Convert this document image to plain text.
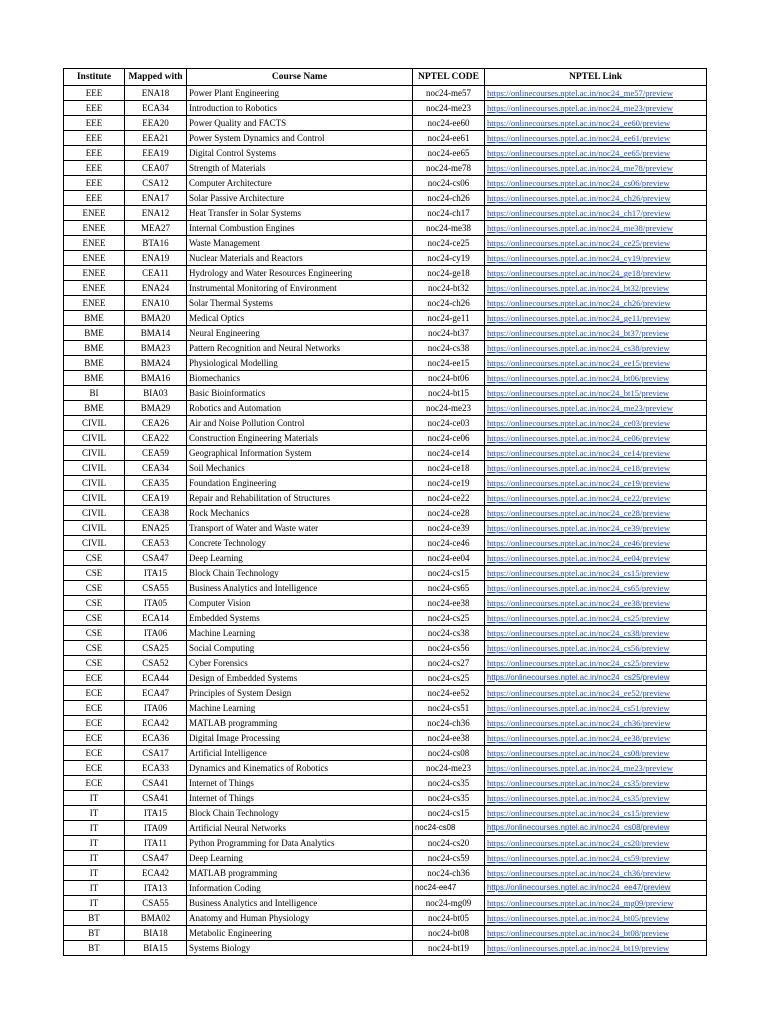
Institute	Mapped with	Course Name	NPTEL CODE	NPTEL Link
EEE	ENA18	Power Plant Engineering	noc24-me57	https://onlinecourses.nptel.ac.in/noc24_me57/preview
EEE	ECA34	Introduction to Robotics	noc24-me23	https://onlinecourses.nptel.ac.in/noc24_me23/preview
EEE	EEA20	Power Quality and FACTS	noc24-ee60	https://onlinecourses.nptel.ac.in/noc24_ee60/preview
EEE	EEA21	Power System Dynamics and Control	noc24-ee61	https://onlinecourses.nptel.ac.in/noc24_ee61/preview
EEE	EEA19	Digital Control Systems	noc24-ee65	https://onlinecourses.nptel.ac.in/noc24_ee65/preview
EEE	CEA07	Strength of Materials	noc24-me78	https://onlinecourses.nptel.ac.in/noc24_me78/preview
EEE	CSA12	Computer Architecture	noc24-cs06	https://onlinecourses.nptel.ac.in/noc24_cs06/preview
EEE	ENA17	Solar Passive Architecture	noc24-ch26	https://onlinecourses.nptel.ac.in/noc24_ch26/preview
ENEE	ENA12	Heat Transfer in Solar Systems	noc24-ch17	https://onlinecourses.nptel.ac.in/noc24_ch17/preview
ENEE	MEA27	Internal Combustion Engines	noc24-me38	https://onlinecourses.nptel.ac.in/noc24_me38/preview
ENEE	BTA16	Waste Management	noc24-ce25	https://onlinecourses.nptel.ac.in/noc24_ce25/preview
ENEE	ENA19	Nuclear Materials and Reactors	noc24-cy19	https://onlinecourses.nptel.ac.in/noc24_cy19/preview
ENEE	CEA11	Hydrology and Water Resources Engineering	noc24-ge18	https://onlinecourses.nptel.ac.in/noc24_ge18/preview
ENEE	ENA24	Instrumental Monitoring of Environment	noc24-bt32	https://onlinecourses.nptel.ac.in/noc24_bt32/preview
ENEE	ENA10	Solar Thermal Systems	noc24-ch26	https://onlinecourses.nptel.ac.in/noc24_ch26/preview
BME	BMA20	Medical Optics	noc24-ge11	https://onlinecourses.nptel.ac.in/noc24_ge11/preview
BME	BMA14	Neural Engineering	noc24-bt37	https://onlinecourses.nptel.ac.in/noc24_bt37/preview
BME	BMA23	Pattern Recognition and Neural Networks	noc24-cs38	https://onlinecourses.nptel.ac.in/noc24_cs38/preview
BME	BMA24	Physiological Modelling	noc24-ee15	https://onlinecourses.nptel.ac.in/noc24_ee15/preview
BME	BMA16	Biomechanics	noc24-bt06	https://onlinecourses.nptel.ac.in/noc24_bt06/preview
BI	BIA03	Basic Bioinformatics	noc24-bt15	https://onlinecourses.nptel.ac.in/noc24_bt15/preview
BME	BMA29	Robotics and Automation	noc24-me23	https://onlinecourses.nptel.ac.in/noc24_me23/preview
CIVIL	CEA26	Air and Noise Pollution Control	noc24-ce03	https://onlinecourses.nptel.ac.in/noc24_ce03/preview
CIVIL	CEA22	Construction Engineering Materials	noc24-ce06	https://onlinecourses.nptel.ac.in/noc24_ce06/preview
CIVIL	CEA59	Geographical Information System	noc24-ce14	https://onlinecourses.nptel.ac.in/noc24_ce14/preview
CIVIL	CEA34	Soil Mechanics	noc24-ce18	https://onlinecourses.nptel.ac.in/noc24_ce18/preview
CIVIL	CEA35	Foundation Engineering	noc24-ce19	https://onlinecourses.nptel.ac.in/noc24_ce19/preview
CIVIL	CEA19	Repair and Rehabilitation of Structures	noc24-ce22	https://onlinecourses.nptel.ac.in/noc24_ce22/preview
CIVIL	CEA38	Rock Mechanics	noc24-ce28	https://onlinecourses.nptel.ac.in/noc24_ce28/preview
CIVIL	ENA25	Transport of Water and Waste water	noc24-ce39	https://onlinecourses.nptel.ac.in/noc24_ce39/preview
CIVIL	CEA53	Concrete Technology	noc24-ce46	https://onlinecourses.nptel.ac.in/noc24_ce46/preview
CSE	CSA47	Deep Learning	noc24-ee04	https://onlinecourses.nptel.ac.in/noc24_ee04/preview
CSE	ITA15	Block Chain Technology	noc24-cs15	https://onlinecourses.nptel.ac.in/noc24_cs15/preview
CSE	CSA55	Business Analytics and Intelligence	noc24-cs65	https://onlinecourses.nptel.ac.in/noc24_cs65/preview
CSE	ITA05	Computer Vision	noc24-ee38	https://onlinecourses.nptel.ac.in/noc24_ee38/preview
CSE	ECA14	Embedded Systems	noc24-cs25	https://onlinecourses.nptel.ac.in/noc24_cs25/preview
CSE	ITA06	Machine Learning	noc24-cs38	https://onlinecourses.nptel.ac.in/noc24_cs38/preview
CSE	CSA25	Social Computing	noc24-cs56	https://onlinecourses.nptel.ac.in/noc24_cs56/preview
CSE	CSA52	Cyber Forensics	noc24-cs27	https://onlinecourses.nptel.ac.in/noc24_cs25/preview
ECE	ECA44	Design of Embedded Systems	noc24-cs25	https://onlinecourses.nptel.ac.in/noc24_cs25/preview
ECE	ECA47	Principles of System Design	noc24-ee52	https://onlinecourses.nptel.ac.in/noc24_ee52/preview
ECE	ITA06	Machine Learning	noc24-cs51	https://onlinecourses.nptel.ac.in/noc24_cs51/preview
ECE	ECA42	MATLAB programming	noc24-ch36	https://onlinecourses.nptel.ac.in/noc24_ch36/preview
ECE	ECA36	Digital Image Processing	noc24-ee38	https://onlinecourses.nptel.ac.in/noc24_ee38/preview
ECE	CSA17	Artificial Intelligence	noc24-cs08	https://onlinecourses.nptel.ac.in/noc24_cs08/preview
ECE	ECA33	Dynamics and Kinematics of Robotics	noc24-me23	https://onlinecourses.nptel.ac.in/noc24_me23/preview
ECE	CSA41	Internet of Things	noc24-cs35	https://onlinecourses.nptel.ac.in/noc24_cs35/preview
IT	CSA41	Internet of Things	noc24-cs35	https://onlinecourses.nptel.ac.in/noc24_cs35/preview
IT	ITA15	Block Chain Technology	noc24-cs15	https://onlinecourses.nptel.ac.in/noc24_cs15/preview
IT	ITA09	Artificial Neural Networks	noc24-cs08	https://onlinecourses.nptel.ac.in/noc24_cs08/preview
IT	ITA11	Python Programming for Data Analytics	noc24-cs20	https://onlinecourses.nptel.ac.in/noc24_cs20/preview
IT	CSA47	Deep Learning	noc24-cs59	https://onlinecourses.nptel.ac.in/noc24_cs59/preview
IT	ECA42	MATLAB programming	noc24-ch36	https://onlinecourses.nptel.ac.in/noc24_ch36/preview
IT	ITA13	Information Coding	noc24-ee47	https://onlinecourses.nptel.ac.in/noc24_ee47/preview
IT	CSA55	Business Analytics and Intelligence	noc24-mg09	https://onlinecourses.nptel.ac.in/noc24_mg09/preview
BT	BMA02	Anatomy and Human Physiology	noc24-bt05	https://onlinecourses.nptel.ac.in/noc24_bt05/preview
BT	BIA18	Metabolic Engineering	noc24-bt08	https://onlinecourses.nptel.ac.in/noc24_bt08/preview
BT	BIA15	Systems Biology	noc24-bt19	https://onlinecourses.nptel.ac.in/noc24_bt19/preview
